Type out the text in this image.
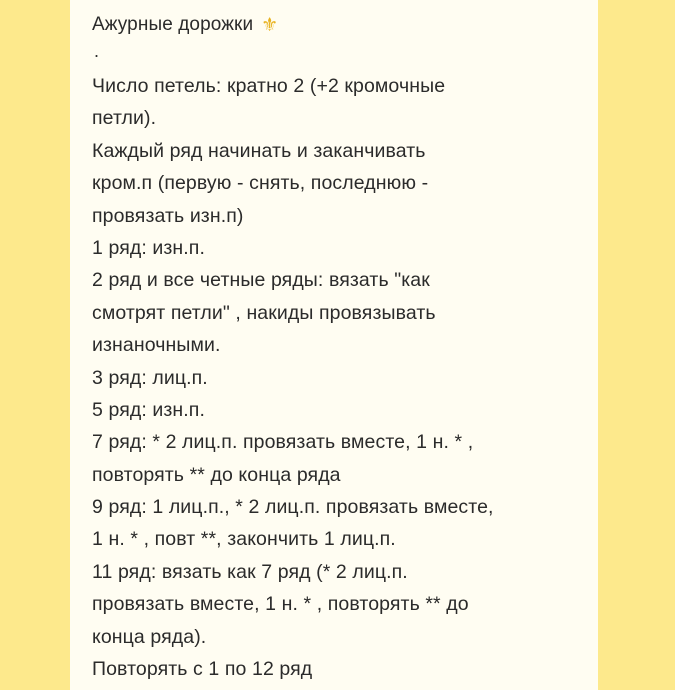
Ажурные дорожки ⚜
.
Число петель: кратно 2 (+2 кромочные
петли).
Каждый ряд начинать и заканчивать
кром.п (первую - снять, последнюю -
провязать изн.п)
1 ряд: изн.п.
2 ряд и все четные ряды: вязать "как
смотрят петли" , накиды провязывать
изнаночными.
3 ряд: лиц.п.
5 ряд: изн.п.
7 ряд: * 2 лиц.п. провязать вместе, 1 н. * ,
повторять ** до конца ряда
9 ряд: 1 лиц.п., * 2 лиц.п. провязать вместе,
1 н. * , повт **, закончить 1 лиц.п.
11 ряд: вязать как 7 ряд (* 2 лиц.п.
провязать вместе, 1 н. * , повторять ** до
конца ряда).
Повторять с 1 по 12 ряд
